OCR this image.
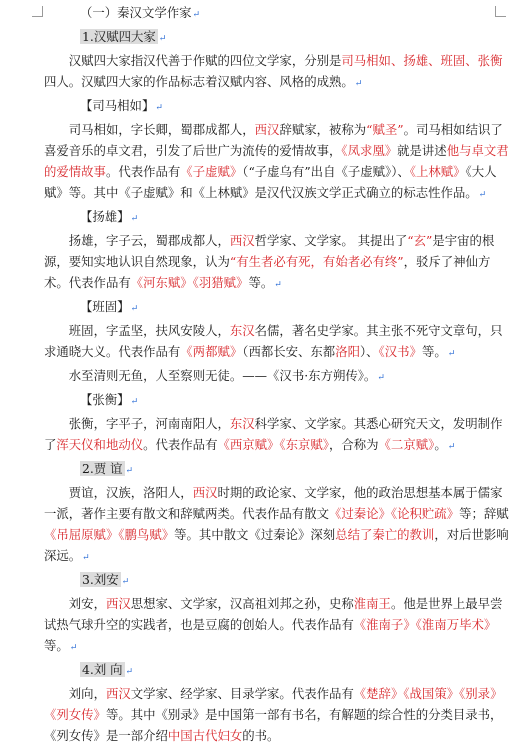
（一）秦汉文学作家↵

1.汉赋四大家 ↵

汉赋四大家指汉代善于作赋的四位文学家，分别是司马相如、扬雄、班固、张衡四人。汉赋四大家的作品标志着汉赋内容、风格的成熟。↵

【司马相如】↵

司马相如，字长卿，蜀郡成都人，西汉辞赋家，被称为“赋圣”。司马相如结识了喜爱音乐的卓文君，引发了后世广为流传的爱情故事，《凤求凰》就是讲述他与卓文君的爱情故事。代表作品有《子虚赋》（“子虚乌有”出自《子虚赋》）、《上林赋》《大人赋》等。其中《子虚赋》和《上林赋》是汉代汉族文学正式确立的标志性作品。↵

【扬雄】↵

扬雄，字子云，蜀郡成都人，西汉哲学家、文学家。 其提出了“玄”是宇宙的根源，要知实地认识自然现象，认为“有生者必有死，有始者必有终”，驳斥了神仙方术。代表作品有《河东赋》《羽猎赋》等。↵

【班固】↵

班固，字孟坚，扶风安陵人，东汉名儒，著名史学家。其主张不死守文章句，只求通晓大义。代表作品有《两都赋》（西都长安、东都洛阳）、《汉书》等。↵

水至清则无鱼，人至察则无徒。——《汉书·东方朔传》。↵

【张衡】↵

张衡，字平子，河南南阳人，东汉科学家、文学家。其悉心研究天文，发明制作了浑天仪和地动仪。代表作品有《西京赋》《东京赋》，合称为《二京赋》。↵

2.贾 谊 ↵

贾谊，汉族，洛阳人，西汉时期的政论家、文学家，他的政治思想基本属于儒家一派，著作主要有散文和辞赋两类。代表作品有散文《过秦论》《论积贮疏》等；辞赋《吊屈原赋》《鹏鸟赋》等。其中散文《过秦论》深刻总结了秦亡的教训，对后世影响深远。↵

3.刘安 ↵

刘安，西汉思想家、文学家，汉高祖刘邦之孙，史称淮南王。他是世界上最早尝试热气球升空的实践者，也是豆腐的创始人。代表作品有《淮南子》《淮南万毕术》等。↵

4.刘 向 ↵

刘向，西汉文学家、经学家、目录学家。代表作品有《楚辞》《战国策》《别录》《列女传》等。其中《别录》是中国第一部有书名，有解题的综合性的分类目录书，《列女传》是一部介绍中国古代妇女的书。
